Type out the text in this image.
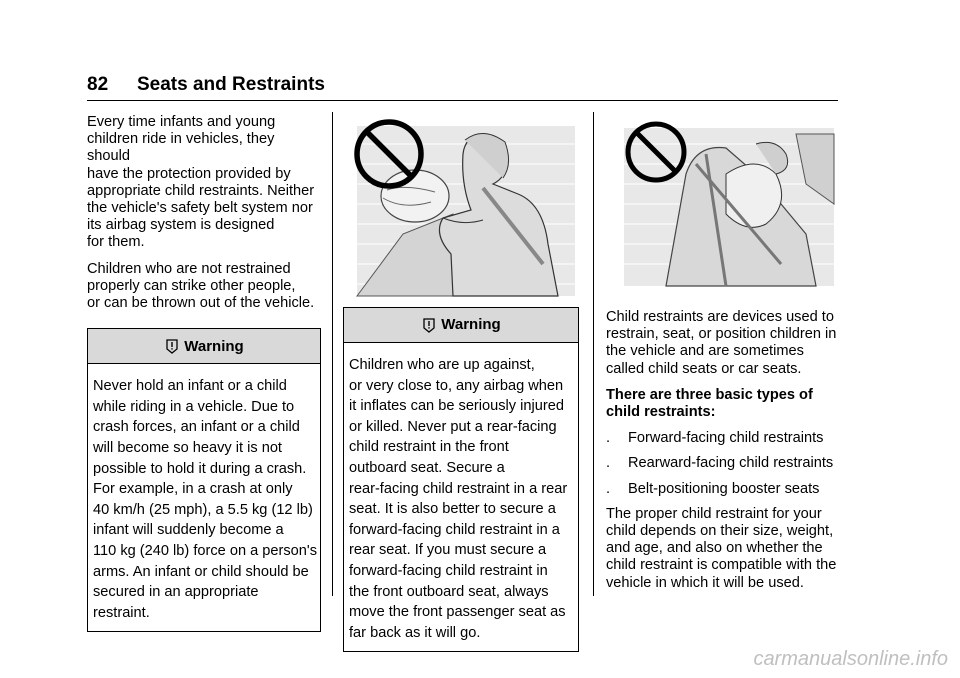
82 Seats and Restraints

Every time infants and young
children ride in vehicles, they should
have the protection provided by
appropriate child restraints. Neither
the vehicle's safety belt system nor
its airbag system is designed
for them.

Children who are not restrained
properly can strike other people,
or can be thrown out of the vehicle.

Warning
Never hold an infant or a child
while riding in a vehicle. Due to
crash forces, an infant or a child
will become so heavy it is not
possible to hold it during a crash.
For example, in a crash at only
40 km/h (25 mph), a 5.5 kg (12 lb)
infant will suddenly become a
110 kg (240 lb) force on a person's
arms. An infant or child should be
secured in an appropriate
restraint.
Warning
Children who are up against,
or very close to, any airbag when
it inflates can be seriously injured
or killed. Never put a rear-facing
child restraint in the front
outboard seat. Secure a
rear-facing child restraint in a rear
seat. It is also better to secure a
forward-facing child restraint in a
rear seat. If you must secure a
forward-facing child restraint in
the front outboard seat, always
move the front passenger seat as
far back as it will go.

Child restraints are devices used to
restrain, seat, or position children in
the vehicle and are sometimes
called child seats or car seats.

There are three basic types of
child restraints:

.	Forward-facing child restraints
.	Rearward-facing child restraints
.	Belt-positioning booster seats

The proper child restraint for your
child depends on their size, weight,
and age, and also on whether the
child restraint is compatible with the
vehicle in which it will be used.

carmanualsonline.info
